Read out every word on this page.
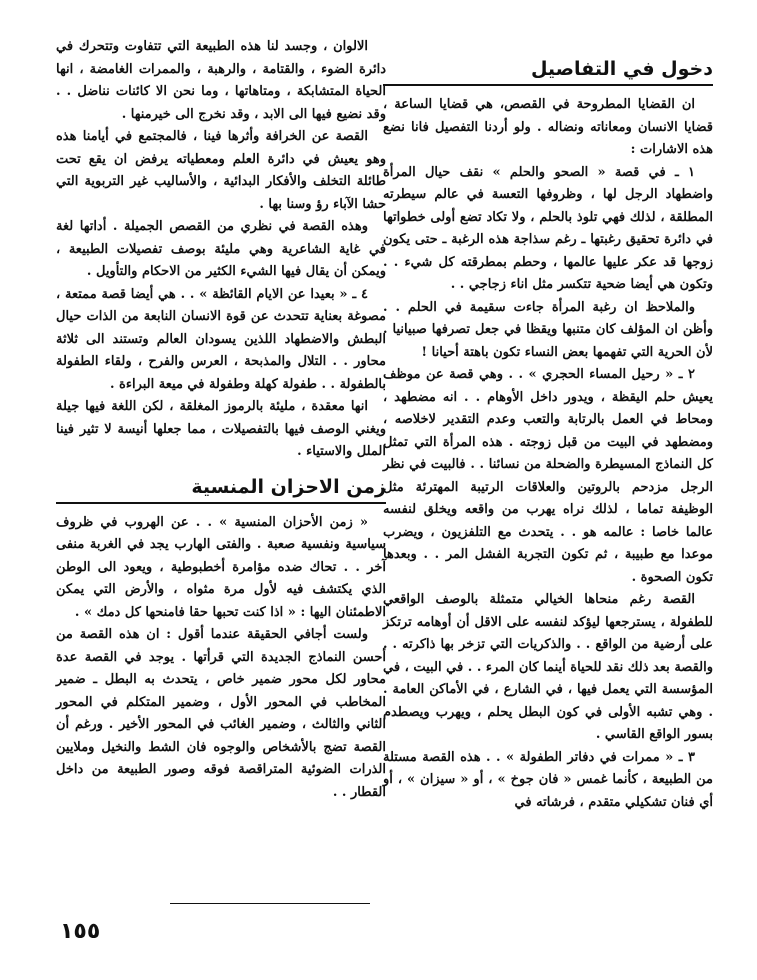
دخول في التفاصيل

ان القضايا المطروحة في القصص، هي قضايا الساعة ، قضايا الانسان ومعاناته ونضاله . ولو أردنا التفصيل فانا نضع هذه الاشارات :

١ ـ في قصة « الصحو والحلم » نقف حيال المرأة واضطهاد الرجل لها ، وظروفها التعسة في عالم سيطرته المطلقة ، لذلك فهي تلوذ بالحلم ، ولا تكاد تضع أولى خطواتها في دائرة تحقيق رغبتها ـ رغم سذاجة هذه الرغبة ـ حتى يكون زوجها قد عكر عليها عالمها ، وحطم بمطرقته كل شيء . . وتكون هي أيضا ضحية تتكسر مثل اناء زجاجي . .

والملاحظ ان رغبة المرأة جاءت سقيمة في الحلم . . وأظن ان المؤلف كان متنبها ويقظا في جعل تصرفها صبيانيا . لأن الحرية التي تفهمها بعض النساء تكون باهتة أحيانا !

٢ ـ « رحيل المساء الحجري » . . وهي قصة عن موظف يعيش حلم اليقظة ، ويدور داخل الأوهام . . انه مضطهد ، ومحاط في العمل بالرتابة والتعب وعدم التقدير لاخلاصه ، ومضطهد في البيت من قبل زوجته . هذه المرأة التي تمثل كل النماذج المسيطرة والضحلة من نسائنا . . فالبيت في نظر الرجل مزدحم بالروتين والعلاقات الرتيبة المهترئة مثل الوظيفة تماما ، لذلك نراه يهرب من واقعه ويخلق لنفسه عالما خاصا : عالمه هو . . يتحدث مع التلفزيون ، ويضرب موعدا مع طبيبة ، ثم تكون التجربة الفشل المر . . وبعدها تكون الصحوة .

القصة رغم منحاها الخيالي متمثلة بالوصف الواقعي للطفولة ، يسترجعها ليؤكد لنفسه على الاقل أن أوهامه ترتكز على أرضية من الواقع . . والذكريات التي تزخر بها ذاكرته . . والقصة بعد ذلك نقد للحياة أينما كان المرء . . في البيت ، في المؤسسة التي يعمل فيها ، في الشارع ، في الأماكن العامة . . وهي تشبه الأولى في كون البطل يحلم ، ويهرب ويصطدم بسور الواقع القاسي .

٣ ـ « ممرات في دفاتر الطفولة » . . هذه القصة مستلة من الطبيعة ، كأنما غمس « فان جوخ » ، أو « سيزان » ، أو أي فنان تشكيلي متقدم ، فرشاته في

الالوان ، وجسد لنا هذه الطبيعة التي تتفاوت وتتحرك في دائرة الضوء ، والقتامة ، والرهبة ، والممرات الغامضة ، انها الحياة المتشابكة ، ومتاهاتها ، وما نحن الا كائنات نناضل . . وقد نضيع فيها الى الابد ، وقد نخرج الى خيرمنها .

القصة عن الخرافة وأثرها فينا ، فالمجتمع في أيامنا هذه وهو يعيش في دائرة العلم ومعطياته يرفض ان يقع تحت طائلة التخلف والأفكار البدائية ، والأساليب غير التربوية التي حشا الآباء رؤ وسنا بها .

وهذه القصة في نظري من القصص الجميلة . أداتها لغة في غاية الشاعرية وهي مليئة بوصف تفصيلات الطبيعة ، ويمكن أن يقال فيها الشيء الكثير من الاحكام والتأويل .

٤ ـ « بعيدا عن الايام القائظة » . . هي أيضا قصة ممتعة ، مصوغة بعناية تتحدث عن قوة الانسان النابعة من الذات حيال البطش والاضطهاد اللذين يسودان العالم وتستند الى ثلاثة محاور . . التلال والمذبحة ، العرس والفرح ، ولقاء الطفولة بالطفولة . . طفولة كهلة وطفولة في ميعة البراءة .

انها معقدة ، مليئة بالرموز المغلقة ، لكن اللغة فيها جيلة ويغني الوصف فيها بالتفصيلات ، مما جعلها أنيسة لا تثير فينا الملل والاستياء .

زمن الاحزان المنسية

« زمن الأحزان المنسية » . . عن الهروب في ظروف سياسية ونفسية صعبة . والفتى الهارب يجد في الغربة منفى آخر . . تحاك ضده مؤامرة أخطبوطية ، ويعود الى الوطن الذي يكتشف فيه لأول مرة مثواه ، والأرض التي يمكن الاطمئنان اليها : « اذا كنت تحبها حقا فامنحها كل دمك » .

ولست أجافي الحقيقة عندما أقول : ان هذه القصة من أحسن النماذج الجديدة التي قرأتها . يوجد في القصة عدة محاور لكل محور ضمير خاص ، يتحدث به البطل ـ ضمير المخاطب في المحور الأول ، وضمير المتكلم في المحور الثاني والثالث ، وضمير الغائب في المحور الأخير . ورغم أن القصة تضج بالأشخاص والوجوه فان الشط والنخيل وملايين الذرات الضوئية المتراقصة فوقه وصور الطبيعة من داخل القطار . .

١٥٥
